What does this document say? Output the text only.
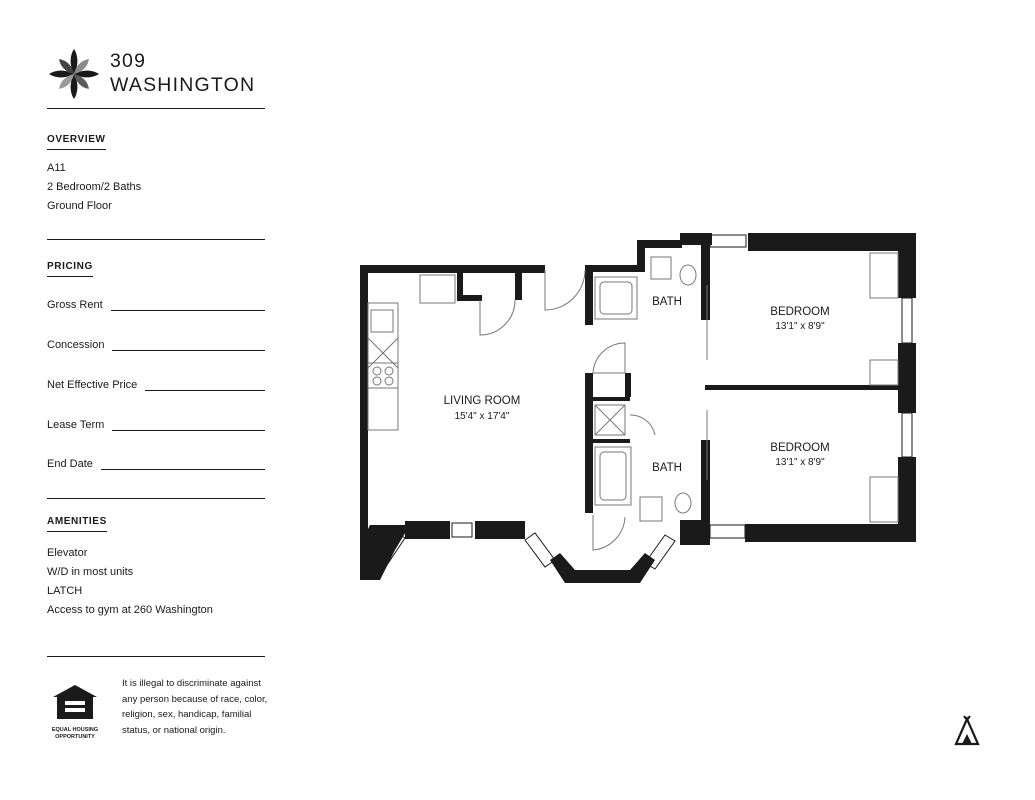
309
WASHINGTON
OVERVIEW
A11
2 Bedroom/2 Baths
Ground Floor
PRICING
Gross Rent
Concession
Net Effective Price
Lease Term
End Date
AMENITIES
Elevator
W/D in most units
LATCH
Access to gym at 260 Washington
EQUAL HOUSING
OPPORTUNITY
It is illegal to discriminate against any person because of race, color, religion, sex, handicap, familial status, or national origin.
LIVING ROOM
15'4" x 17'4"
BATH
BATH
BEDROOM
13'1" x 8'9"
BEDROOM
13'1" x 8'9"
